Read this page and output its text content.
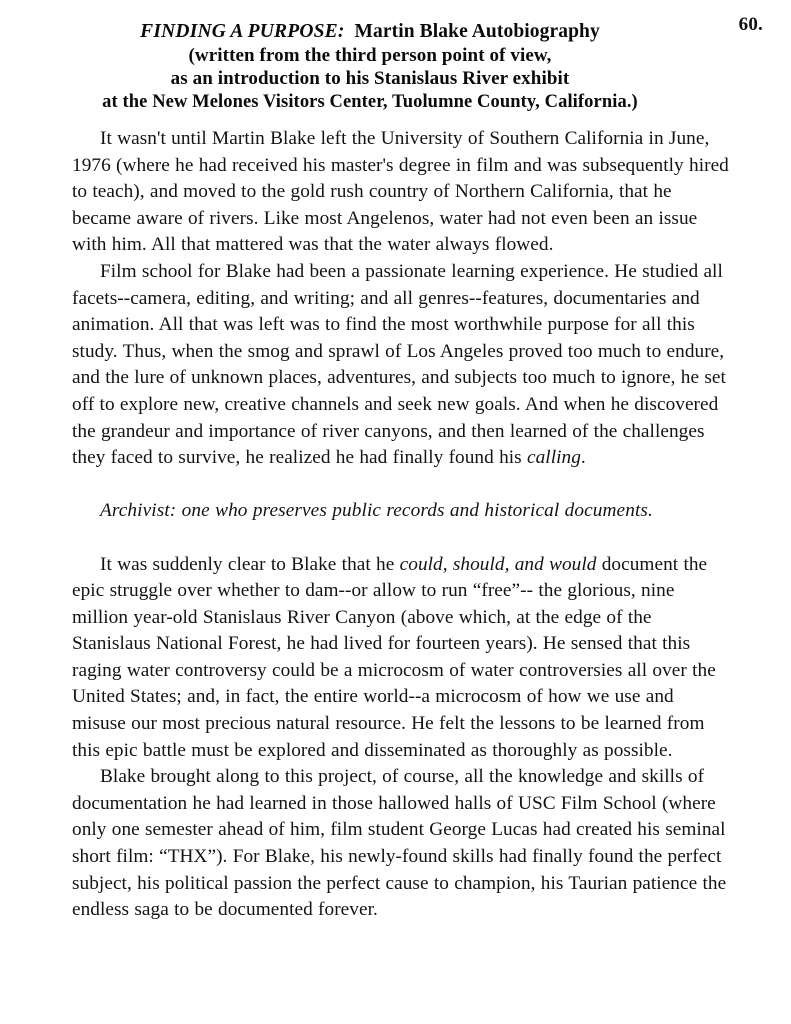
60.
FINDING A PURPOSE: Martin Blake Autobiography
(written from the third person point of view,
as an introduction to his Stanislaus River exhibit
at the New Melones Visitors Center, Tuolumne County, California.)

It wasn't until Martin Blake left the University of Southern California in June, 1976 (where he had received his master's degree in film and was subsequently hired to teach), and moved to the gold rush country of Northern California, that he became aware of rivers. Like most Angelenos, water had not even been an issue with him. All that mattered was that the water always flowed.

Film school for Blake had been a passionate learning experience. He studied all facets--camera, editing, and writing; and all genres--features, documentaries and animation. All that was left was to find the most worthwhile purpose for all this study. Thus, when the smog and sprawl of Los Angeles proved too much to endure, and the lure of unknown places, adventures, and subjects too much to ignore, he set off to explore new, creative channels and seek new goals. And when he discovered the grandeur and importance of river canyons, and then learned of the challenges they faced to survive, he realized he had finally found his calling.

Archivist: one who preserves public records and historical documents.

It was suddenly clear to Blake that he could, should, and would document the epic struggle over whether to dam--or allow to run “free”-- the glorious, nine million year-old Stanislaus River Canyon (above which, at the edge of the Stanislaus National Forest, he had lived for fourteen years). He sensed that this raging water controversy could be a microcosm of water controversies all over the United States; and, in fact, the entire world--a microcosm of how we use and misuse our most precious natural resource. He felt the lessons to be learned from this epic battle must be explored and disseminated as thoroughly as possible.

Blake brought along to this project, of course, all the knowledge and skills of documentation he had learned in those hallowed halls of USC Film School (where only one semester ahead of him, film student George Lucas had created his seminal short film: “THX”). For Blake, his newly-found skills had finally found the perfect subject, his political passion the perfect cause to champion, his Taurian patience the endless saga to be documented forever.
